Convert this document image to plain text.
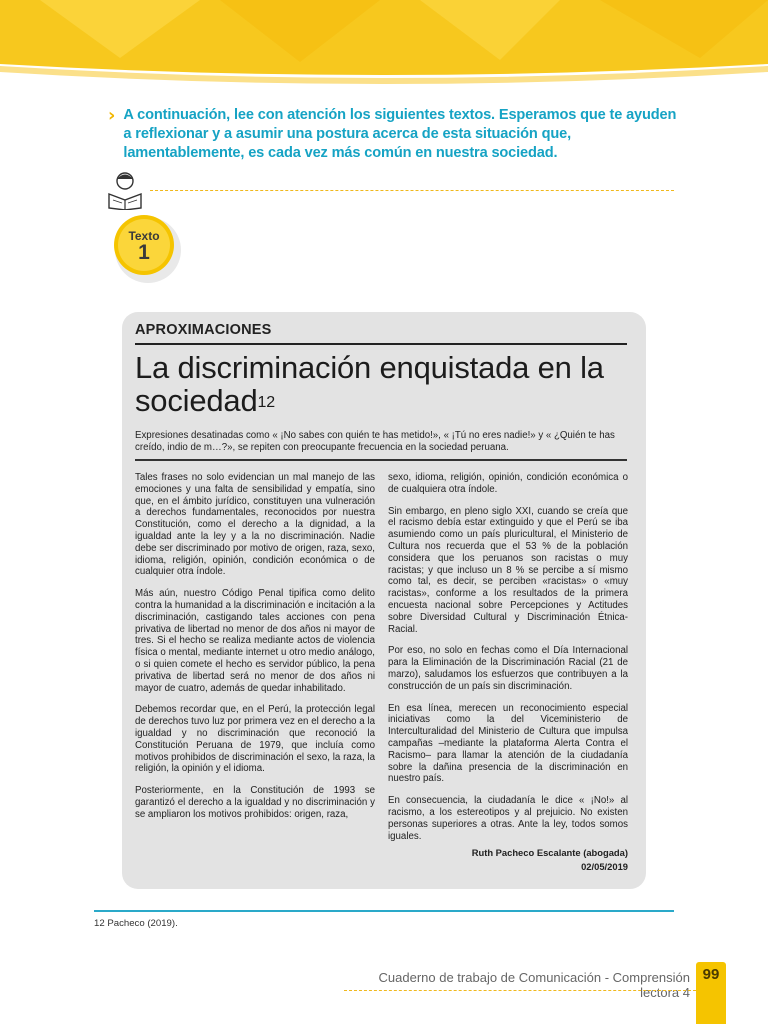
› A continuación, lee con atención los siguientes textos. Esperamos que te ayuden a reflexionar y a asumir una postura acerca de esta situación que, lamentablemente, es cada vez más común en nuestra sociedad.
Texto
1
APROXIMACIONES
La discriminación enquistada en la sociedad$^{12}$
Expresiones desatinadas como « ¡No sabes con quién te has metido!», « ¡Tú no eres nadie!» y « ¿Quién te has creído, indio de m…?», se repiten con preocupante frecuencia en la sociedad peruana.

Tales frases no solo evidencian un mal manejo de las emociones y una falta de sensibilidad y empatía, sino que, en el ámbito jurídico, constituyen una vulneración a derechos fundamentales, reconocidos por nuestra Constitución, como el derecho a la dignidad, a la igualdad ante la ley y a la no discriminación. Nadie debe ser discriminado por motivo de origen, raza, sexo, idioma, religión, opinión, condición económica o de cualquier otra índole.

Más aún, nuestro Código Penal tipifica como delito contra la humanidad a la discriminación e incitación a la discriminación, castigando tales acciones con pena privativa de libertad no menor de dos años ni mayor de tres. Si el hecho se realiza mediante actos de violencia física o mental, mediante internet u otro medio análogo, o si quien comete el hecho es servidor público, la pena privativa de libertad será no menor de dos años ni mayor de cuatro, además de quedar inhabilitado.

Debemos recordar que, en el Perú, la protección legal de derechos tuvo luz por primera vez en el derecho a la igualdad y no discriminación que reconoció la Constitución Peruana de 1979, que incluía como motivos prohibidos de discriminación el sexo, la raza, la religión, la opinión y el idioma.

Posteriormente, en la Constitución de 1993 se garantizó el derecho a la igualdad y no discriminación y se ampliaron los motivos prohibidos: origen, raza,

sexo, idioma, religión, opinión, condición económica o de cualquiera otra índole.

Sin embargo, en pleno siglo XXI, cuando se creía que el racismo debía estar extinguido y que el Perú se iba asumiendo como un país pluricultural, el Ministerio de Cultura nos recuerda que el 53 % de la población considera que los peruanos son racistas o muy racistas; y que incluso un 8 % se percibe a sí mismo como tal, es decir, se perciben «racistas» o «muy racistas», conforme a los resultados de la primera encuesta nacional sobre Percepciones y Actitudes sobre Diversidad Cultural y Discriminación Étnica-Racial.

Por eso, no solo en fechas como el Día Internacional para la Eliminación de la Discriminación Racial (21 de marzo), saludamos los esfuerzos que contribuyen a la construcción de un país sin discriminación.

En esa línea, merecen un reconocimiento especial iniciativas como la del Viceministerio de Interculturalidad del Ministerio de Cultura que impulsa campañas –mediante la plataforma Alerta Contra el Racismo– para llamar la atención de la ciudadanía sobre la dañina presencia de la discriminación en nuestro país.

En consecuencia, la ciudadanía le dice « ¡No!» al racismo, a los estereotipos y al prejuicio. No existen personas superiores a otras. Ante la ley, todos somos iguales.

Ruth Pacheco Escalante (abogada)
02/05/2019
12 Pacheco (2019).
Cuaderno de trabajo de Comunicación - Comprensión lectora 4
99
